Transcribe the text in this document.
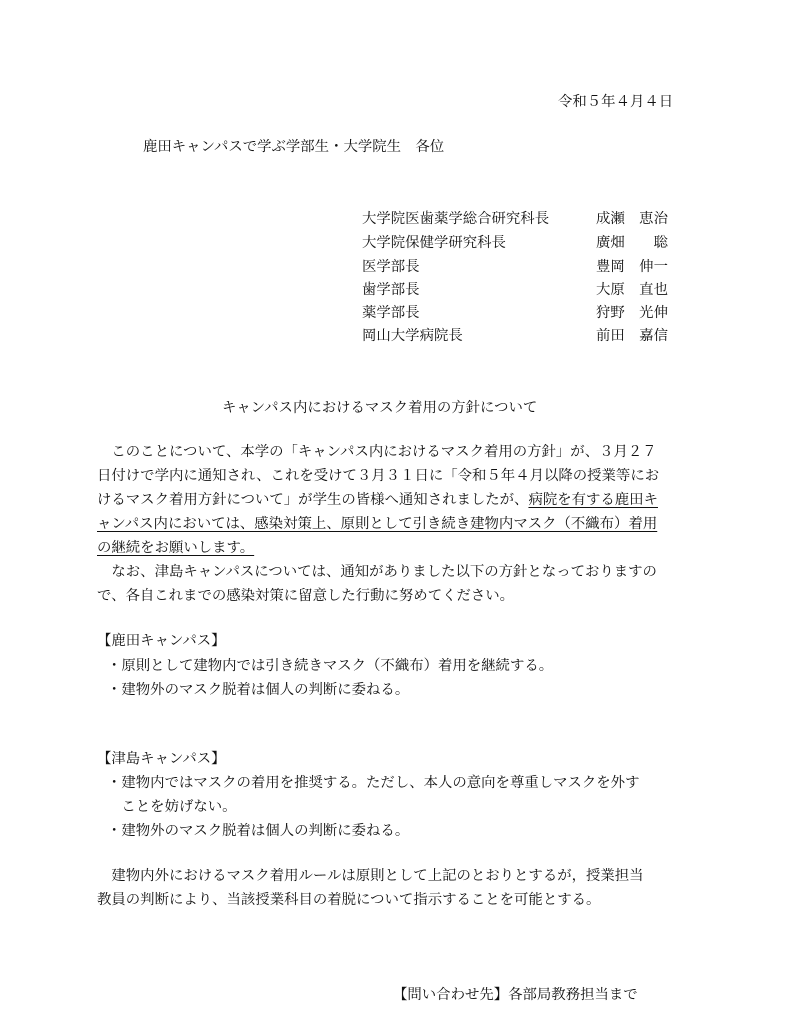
令和５年４月４日
鹿田キャンパスで学ぶ学部生・大学院生　各位
大学院医歯薬学総合研究科長	成瀬　恵治
大学院保健学研究科長	廣畑　　聡
医学部長	豊岡　伸一
歯学部長	大原　直也
薬学部長	狩野　光伸
岡山大学病院長	前田　嘉信
キャンパス内におけるマスク着用の方針について
　このことについて、本学の「キャンパス内におけるマスク着用の方針」が、３月２７
日付けで学内に通知され、これを受けて３月３１日に「令和５年４月以降の授業等にお
けるマスク着用方針について」が学生の皆様へ通知されましたが、病院を有する鹿田キ
ャンパス内においては、感染対策上、原則として引き続き建物内マスク（不織布）着用
の継続をお願いします。
　なお、津島キャンパスについては、通知がありました以下の方針となっておりますの
で、各自これまでの感染対策に留意した行動に努めてください。
【鹿田キャンパス】
・原則として建物内では引き続きマスク（不織布）着用を継続する。
・建物外のマスク脱着は個人の判断に委ねる。
【津島キャンパス】
・建物内ではマスクの着用を推奨する。ただし、本人の意向を尊重しマスクを外す
　ことを妨げない。
・建物外のマスク脱着は個人の判断に委ねる。
　建物内外におけるマスク着用ルールは原則として上記のとおりとするが，授業担当
教員の判断により、当該授業科目の着脱について指示することを可能とする。
【問い合わせ先】各部局教務担当まで
